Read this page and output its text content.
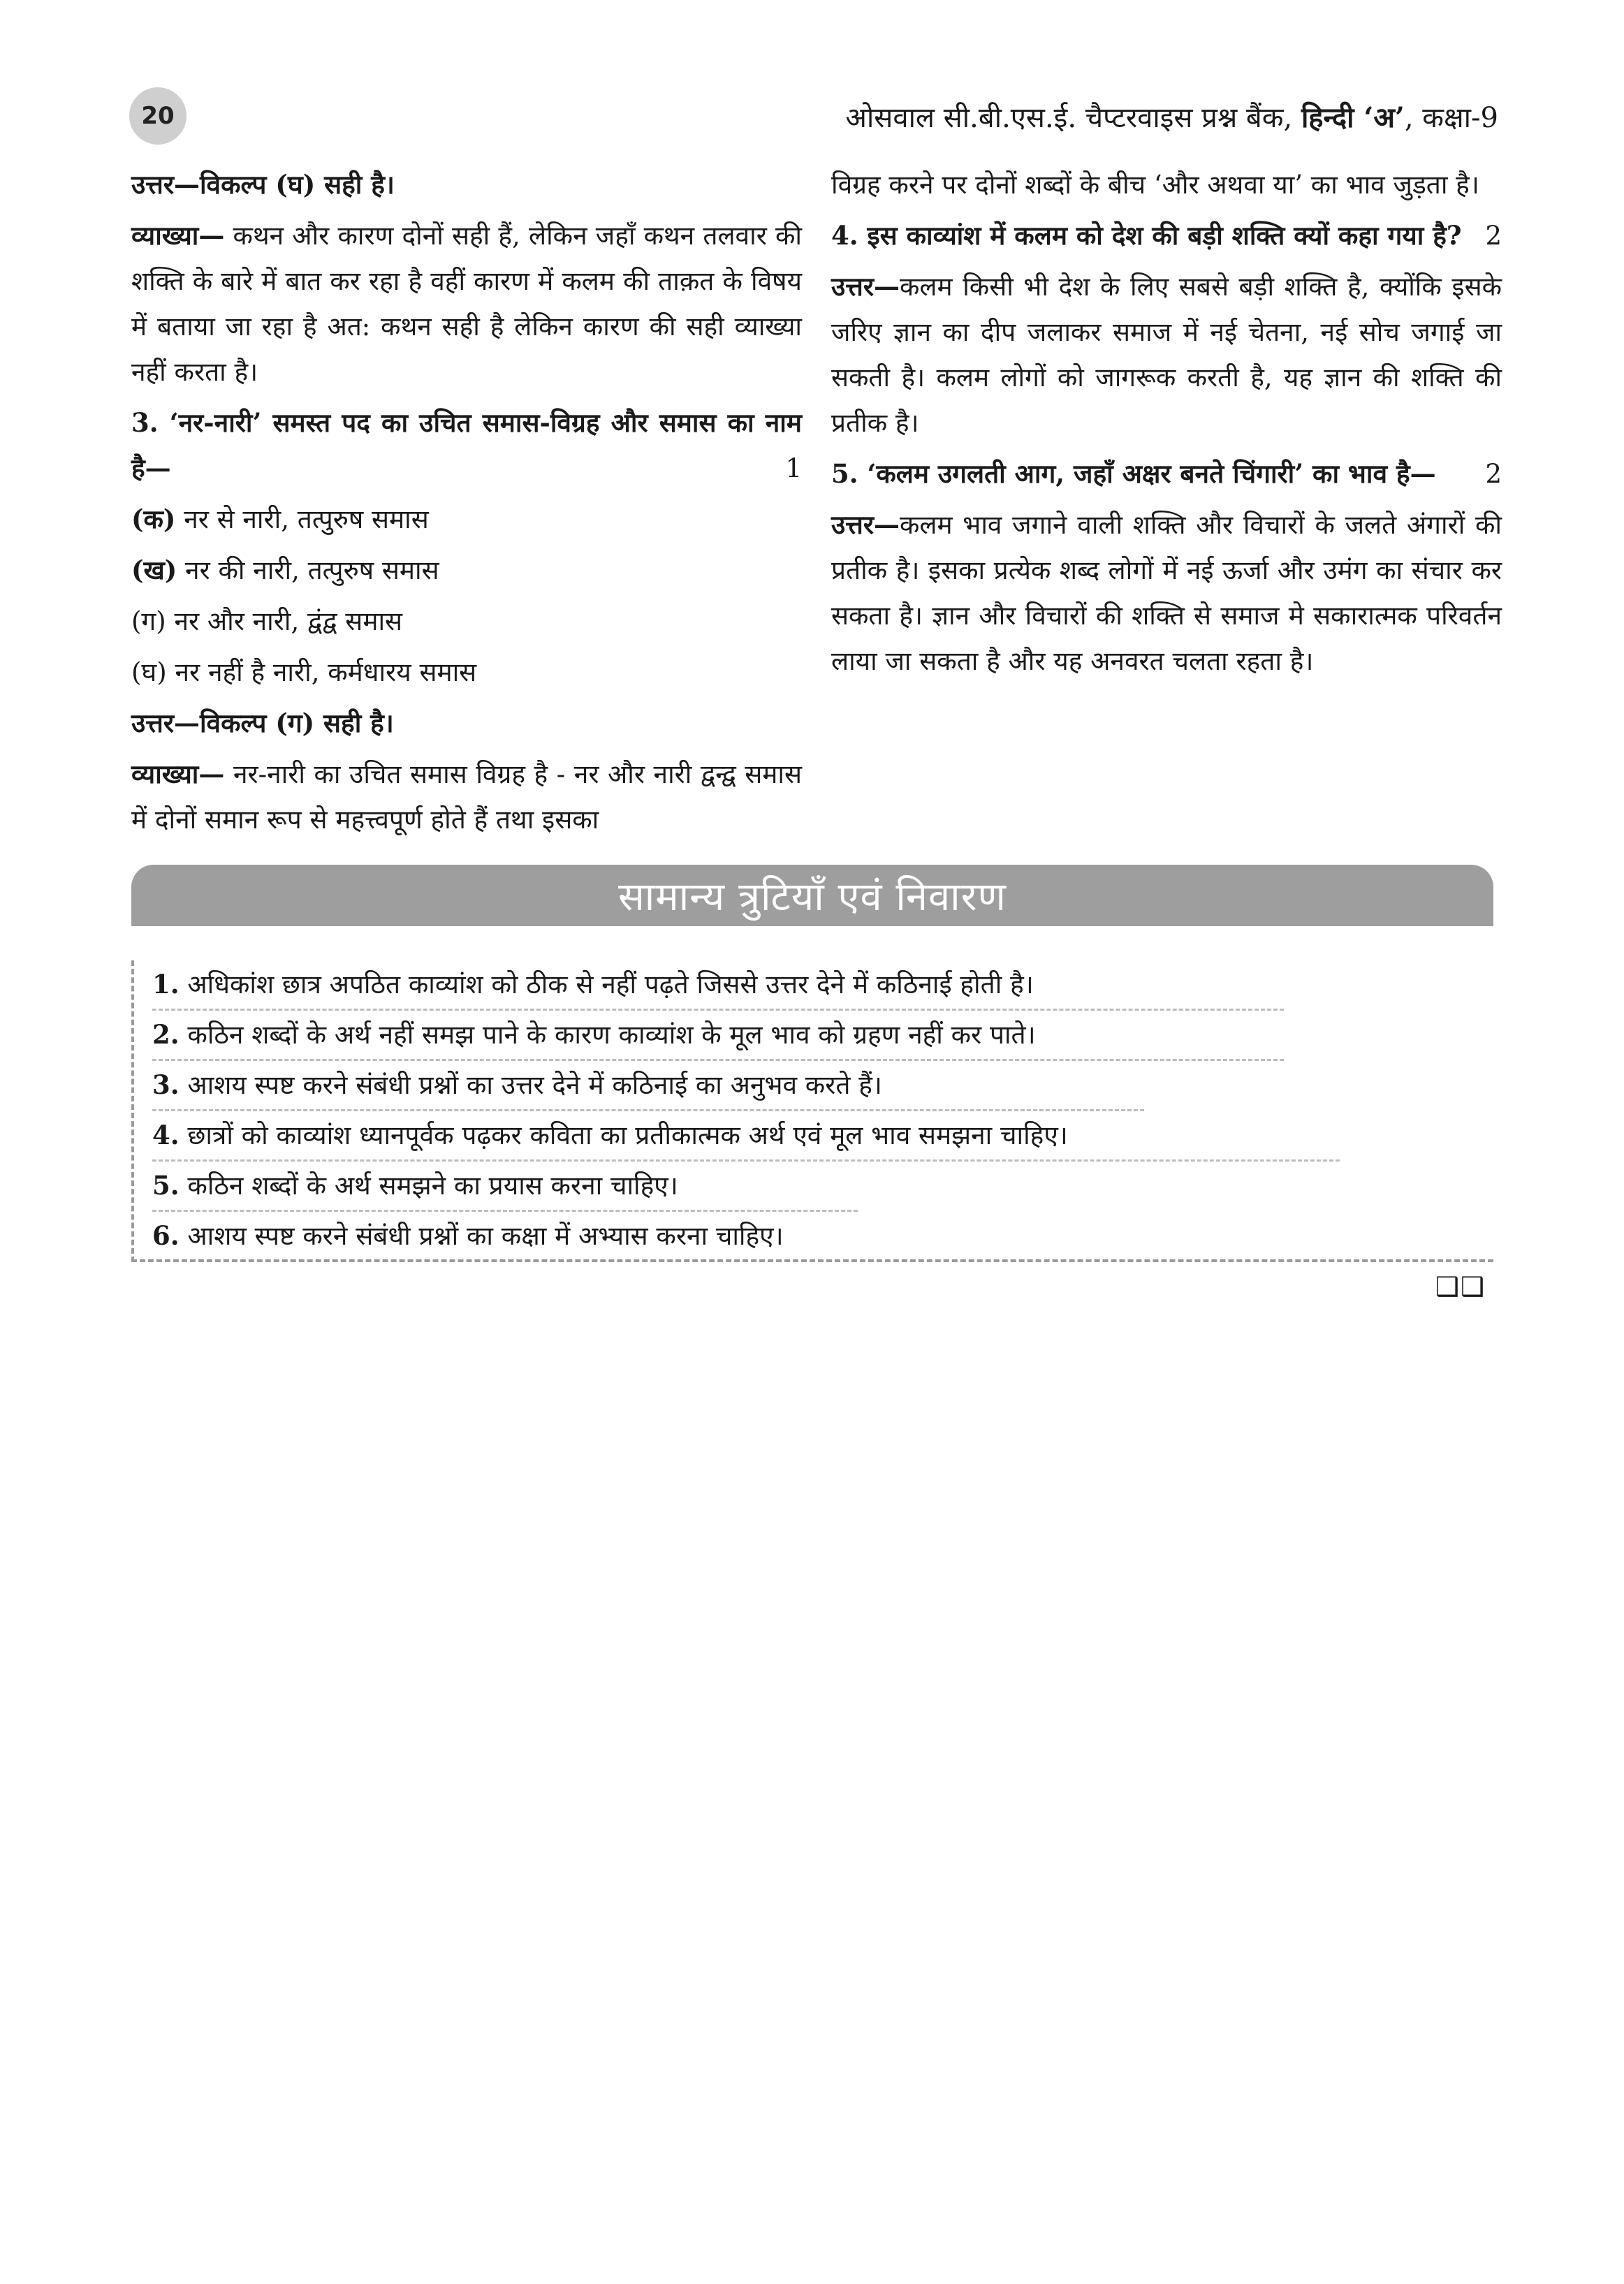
20	ओसवाल सी.बी.एस.ई. चैप्टरवाइस प्रश्न बैंक, हिन्दी ‘अ’, कक्षा-9

उत्तर—विकल्प (घ) सही है।

व्याख्या— कथन और कारण दोनों सही हैं, लेकिन जहाँ कथन तलवार की शक्ति के बारे में बात कर रहा है वहीं कारण में कलम की ताक़त के विषय में बताया जा रहा है अत: कथन सही है लेकिन कारण की सही व्याख्या नहीं करता है।

3. ‘नर-नारी’ समस्त पद का उचित समास-विग्रह और समास का नाम है—	1

(क) नर से नारी, तत्पुरुष समास
(ख) नर की नारी, तत्पुरुष समास
(ग) नर और नारी, द्वंद्व समास
(घ) नर नहीं है नारी, कर्मधारय समास

उत्तर—विकल्प (ग) सही है।

व्याख्या— नर-नारी का उचित समास विग्रह है - नर और नारी द्वन्द्व समास में दोनों समान रूप से महत्त्वपूर्ण होते हैं तथा इसका

विग्रह करने पर दोनों शब्दों के बीच ‘और अथवा या’ का भाव जुड़ता है।

4. इस काव्यांश में कलम को देश की बड़ी शक्ति क्यों कहा गया है? 2

उत्तर—कलम किसी भी देश के लिए सबसे बड़ी शक्ति है, क्योंकि इसके जरिए ज्ञान का दीप जलाकर समाज में नई चेतना, नई सोच जगाई जा सकती है। कलम लोगों को जागरूक करती है, यह ज्ञान की शक्ति की प्रतीक है।

5. ‘कलम उगलती आग, जहाँ अक्षर बनते चिंगारी’ का भाव है— 2

उत्तर—कलम भाव जगाने वाली शक्ति और विचारों के जलते अंगारों की प्रतीक है। इसका प्रत्येक शब्द लोगों में नई ऊर्जा और उमंग का संचार कर सकता है। ज्ञान और विचारों की शक्ति से समाज मे सकारात्मक परिवर्तन लाया जा सकता है और यह अनवरत चलता रहता है।

सामान्य त्रुटियाँ एवं निवारण
1. अधिकांश छात्र अपठित काव्यांश को ठीक से नहीं पढ़ते जिससे उत्तर देने में कठिनाई होती है।
2. कठिन शब्दों के अर्थ नहीं समझ पाने के कारण काव्यांश के मूल भाव को ग्रहण नहीं कर पाते।
3. आशय स्पष्ट करने संबंधी प्रश्नों का उत्तर देने में कठिनाई का अनुभव करते हैं।
4. छात्रों को काव्यांश ध्यानपूर्वक पढ़कर कविता का प्रतीकात्मक अर्थ एवं मूल भाव समझना चाहिए।
5. कठिन शब्दों के अर्थ समझने का प्रयास करना चाहिए।
6. आशय स्पष्ट करने संबंधी प्रश्नों का कक्षा में अभ्यास करना चाहिए।
❑❑
